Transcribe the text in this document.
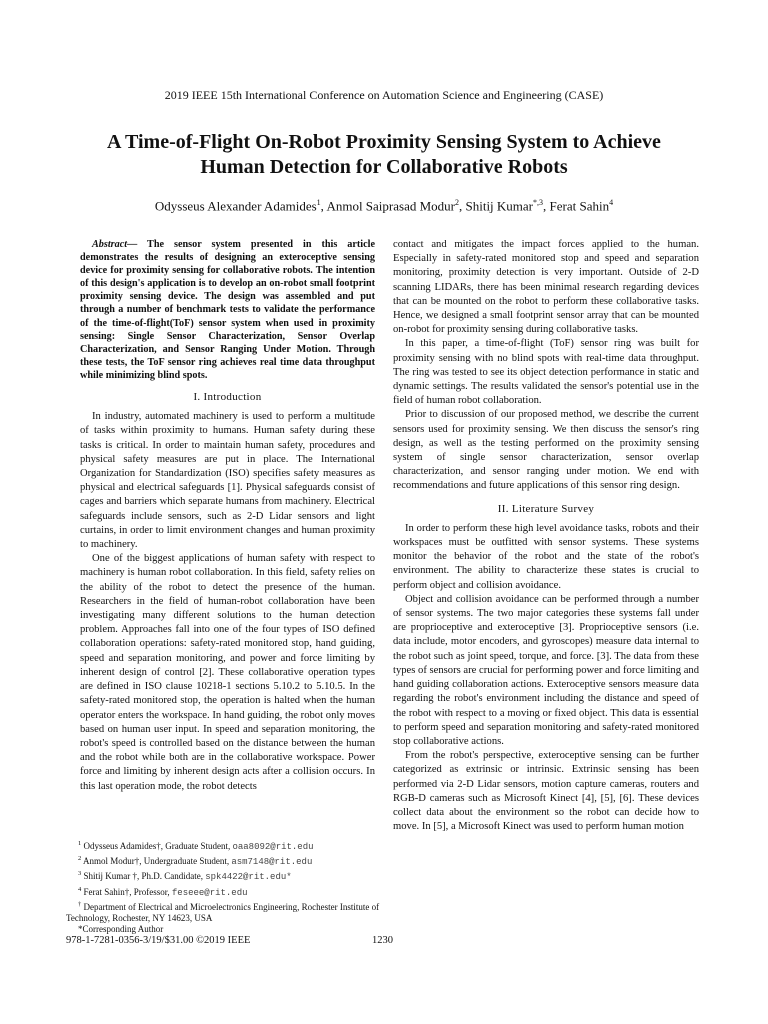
2019 IEEE 15th International Conference on Automation Science and Engineering (CASE)
A Time-of-Flight On-Robot Proximity Sensing System to Achieve
Human Detection for Collaborative Robots
Odysseus Alexander Adamides$^1$, Anmol Saiprasad Modur$^2$, Shitij Kumar$^{*,3}$, Ferat Sahin$^4$

Abstract— The sensor system presented in this article demonstrates the results of designing an exteroceptive sensing device for proximity sensing for collaborative robots. The intention of this design's application is to develop an on-robot small footprint proximity sensing device. The design was assembled and put through a number of benchmark tests to validate the performance of the time-of-flight(ToF) sensor system when used in proximity sensing: Single Sensor Characterization, Sensor Overlap Characterization, and Sensor Ranging Under Motion. Through these tests, the ToF sensor ring achieves real time data throughput while minimizing blind spots.

I. Introduction

In industry, automated machinery is used to perform a multitude of tasks within proximity to humans. Human safety during these tasks is critical. In order to maintain human safety, procedures and physical safety measures are put in place. The International Organization for Standardization (ISO) specifies safety measures as physical and electrical safeguards [1]. Physical safeguards consist of cages and barriers which separate humans from machinery. Electrical safeguards include sensors, such as 2-D Lidar sensors and light curtains, in order to limit environment changes and human proximity to machinery.

One of the biggest applications of human safety with respect to machinery is human robot collaboration. In this field, safety relies on the ability of the robot to detect the presence of the human. Researchers in the field of human-robot collaboration have been investigating many different solutions to the human detection problem. Approaches fall into one of the four types of ISO defined collaboration operations: safety-rated monitored stop, hand guiding, speed and separation monitoring, and power and force limiting by inherent design of control [2]. These collaborative operation types are defined in ISO clause 10218-1 sections 5.10.2 to 5.10.5. In the safety-rated monitored stop, the operation is halted when the human operator enters the workspace. In hand guiding, the robot only moves based on human user input. In speed and separation monitoring, the robot's speed is controlled based on the distance between the human and the robot while both are in the collaborative workspace. Power force and limiting by inherent design acts after a collision occurs. In this last operation mode, the robot detects

contact and mitigates the impact forces applied to the human. Especially in safety-rated monitored stop and speed and separation monitoring, proximity detection is very important. Outside of 2-D scanning LIDARs, there has been minimal research regarding devices that can be mounted on the robot to perform these collaborative tasks. Hence, we designed a small footprint sensor array that can be mounted on-robot for proximity sensing during collaborative tasks.

In this paper, a time-of-flight (ToF) sensor ring was built for proximity sensing with no blind spots with real-time data throughput. The ring was tested to see its object detection performance in static and dynamic settings. The results validated the sensor's potential use in the field of human robot collaboration.

Prior to discussion of our proposed method, we describe the current sensors used for proximity sensing. We then discuss the sensor's ring design, as well as the testing performed on the proximity sensing system of single sensor characterization, sensor overlap characterization, and sensor ranging under motion. We end with recommendations and future applications of this sensor ring design.

II. Literature Survey

In order to perform these high level avoidance tasks, robots and their workspaces must be outfitted with sensor systems. These systems monitor the behavior of the robot and the state of the robot's environment. The ability to characterize these states is crucial to perform object and collision avoidance.

Object and collision avoidance can be performed through a number of sensor systems. The two major categories these systems fall under are proprioceptive and exteroceptive [3]. Proprioceptive sensors (i.e. data include, motor encoders, and gyroscopes) measure data internal to the robot such as joint speed, torque, and force. [3]. The data from these types of sensors are crucial for performing power and force limiting and hand guiding collaboration actions. Exteroceptive sensors measure data regarding the robot's environment including the distance and speed of the robot with respect to a moving or fixed object. This data is essential to perform speed and separation monitoring and safety-rated monitored stop collaborative actions.

From the robot's perspective, exteroceptive sensing can be further categorized as extrinsic or intrinsic. Extrinsic sensing has been performed via 2-D Lidar sensors, motion capture cameras, routers and RGB-D cameras such as Microsoft Kinect [4], [5], [6]. These devices collect data about the environment so the robot can decide how to move. In [5], a Microsoft Kinect was used to perform human motion

$^1$ Odysseus Adamides†, Graduate Student, oaa8092@rit.edu

$^2$ Anmol Modur†, Undergraduate Student, asm7148@rit.edu

$^3$ Shitij Kumar †, Ph.D. Candidate, spk4422@rit.edu*

$^4$ Ferat Sahin†, Professor, feseee@rit.edu

† Department of Electrical and Microelectronics Engineering, Rochester Institute of Technology, Rochester, NY 14623, USA

*Corresponding Author

978-1-7281-0356-3/19/$31.00 ©2019 IEEE	1230
